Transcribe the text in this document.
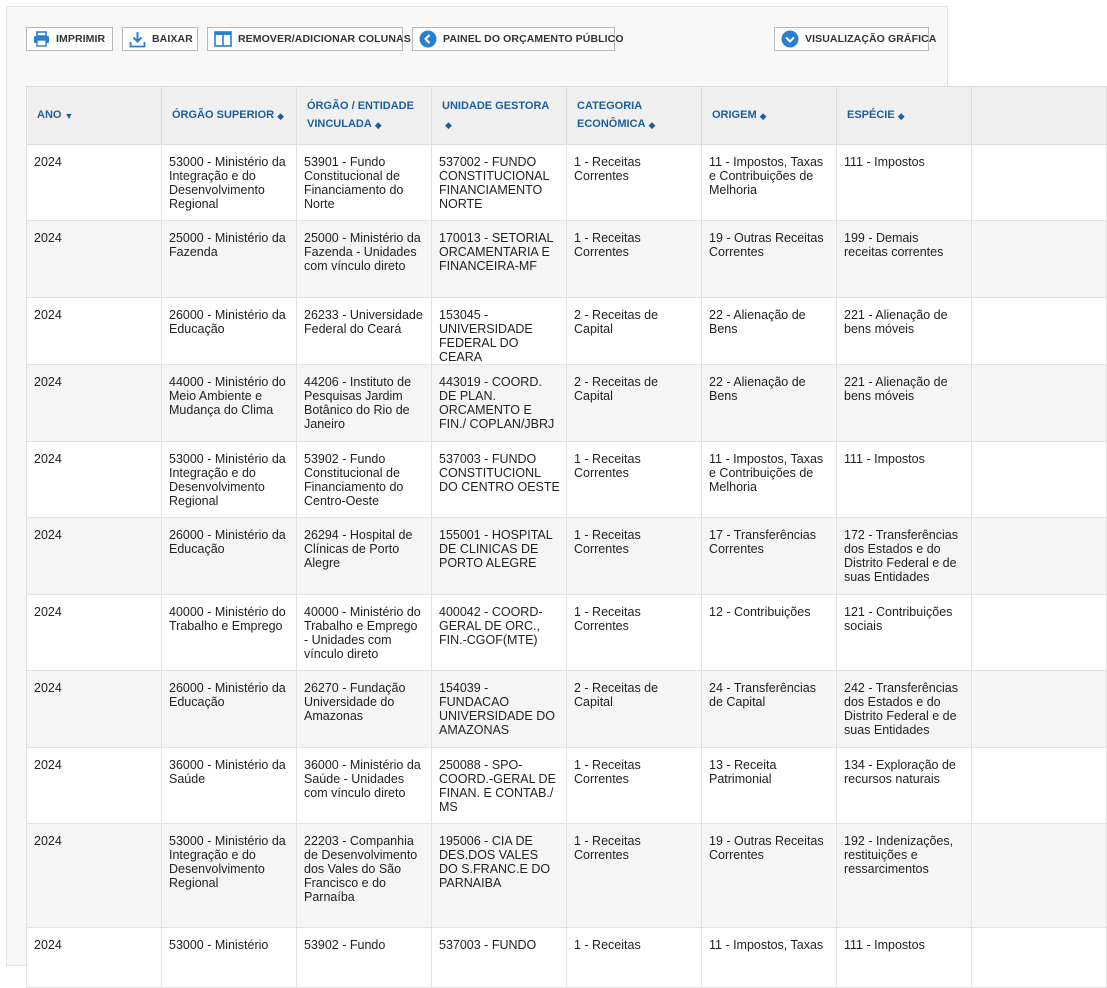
IMPRIMIR	BAIXAR	REMOVER/ADICIONAR COLUNAS	PAINEL DO ORÇAMENTO PÚBLICO	VISUALIZAÇÃO GRÁFICA
ANO ▼	ÓRGÃO SUPERIOR ◆	ÓRGÃO / ENTIDADE VINCULADA ◆	UNIDADE GESTORA◆	CATEGORIA ECONÔMICA ◆	ORIGEM ◆	ESPÉCIE ◆	
2024	53000 - Ministério da Integração e do Desenvolvimento Regional	53901 - Fundo Constitucional de Financiamento do Norte	537002 - FUNDO CONSTITUCIONAL FINANCIAMENTO NORTE	1 - Receitas Correntes	11 - Impostos, Taxas e Contribuições de Melhoria	111 - Impostos	
2024	25000 - Ministério da Fazenda	25000 - Ministério da Fazenda - Unidades com vínculo direto	170013 - SETORIAL ORCAMENTARIA E FINANCEIRA-MF	1 - Receitas Correntes	19 - Outras Receitas Correntes	199 - Demais receitas correntes	
2024	26000 - Ministério da Educação	26233 - Universidade Federal do Ceará	153045 - UNIVERSIDADE FEDERAL DO CEARA	2 - Receitas de Capital	22 - Alienação de Bens	221 - Alienação de bens móveis	
2024	44000 - Ministério do Meio Ambiente e Mudança do Clima	44206 - Instituto de Pesquisas Jardim Botânico do Rio de Janeiro	443019 - COORD. DE PLAN. ORCAMENTO E FIN./ COPLAN/JBRJ	2 - Receitas de Capital	22 - Alienação de Bens	221 - Alienação de bens móveis	
2024	53000 - Ministério da Integração e do Desenvolvimento Regional	53902 - Fundo Constitucional de Financiamento do Centro-Oeste	537003 - FUNDO CONSTITUCIONL DO CENTRO OESTE	1 - Receitas Correntes	11 - Impostos, Taxas e Contribuições de Melhoria	111 - Impostos	
2024	26000 - Ministério da Educação	26294 - Hospital de Clínicas de Porto Alegre	155001 - HOSPITAL DE CLINICAS DE PORTO ALEGRE	1 - Receitas Correntes	17 - Transferências Correntes	172 - Transferências dos Estados e do Distrito Federal e de suas Entidades	
2024	40000 - Ministério do Trabalho e Emprego	40000 - Ministério do Trabalho e Emprego - Unidades com vínculo direto	400042 - COORD-GERAL DE ORC., FIN.-CGOF(MTE)	1 - Receitas Correntes	12 - Contribuições	121 - Contribuições sociais	
2024	26000 - Ministério da Educação	26270 - Fundação Universidade do Amazonas	154039 - FUNDACAO UNIVERSIDADE DO AMAZONAS	2 - Receitas de Capital	24 - Transferências de Capital	242 - Transferências dos Estados e do Distrito Federal e de suas Entidades	
2024	36000 - Ministério da Saúde	36000 - Ministério da Saúde - Unidades com vínculo direto	250088 - SPO-COORD.-GERAL DE FINAN. E CONTAB./ MS	1 - Receitas Correntes	13 - Receita Patrimonial	134 - Exploração de recursos naturais	
2024	53000 - Ministério da Integração e do Desenvolvimento Regional	22203 - Companhia de Desenvolvimento dos Vales do São Francisco e do Parnaíba	195006 - CIA DE DES.DOS VALES DO S.FRANC.E DO PARNAIBA	1 - Receitas Correntes	19 - Outras Receitas Correntes	192 - Indenizações, restituições e ressarcimentos	
2024	53000 - Ministério	53902 - Fundo	537003 - FUNDO	1 - Receitas	11 - Impostos, Taxas	111 - Impostos	
